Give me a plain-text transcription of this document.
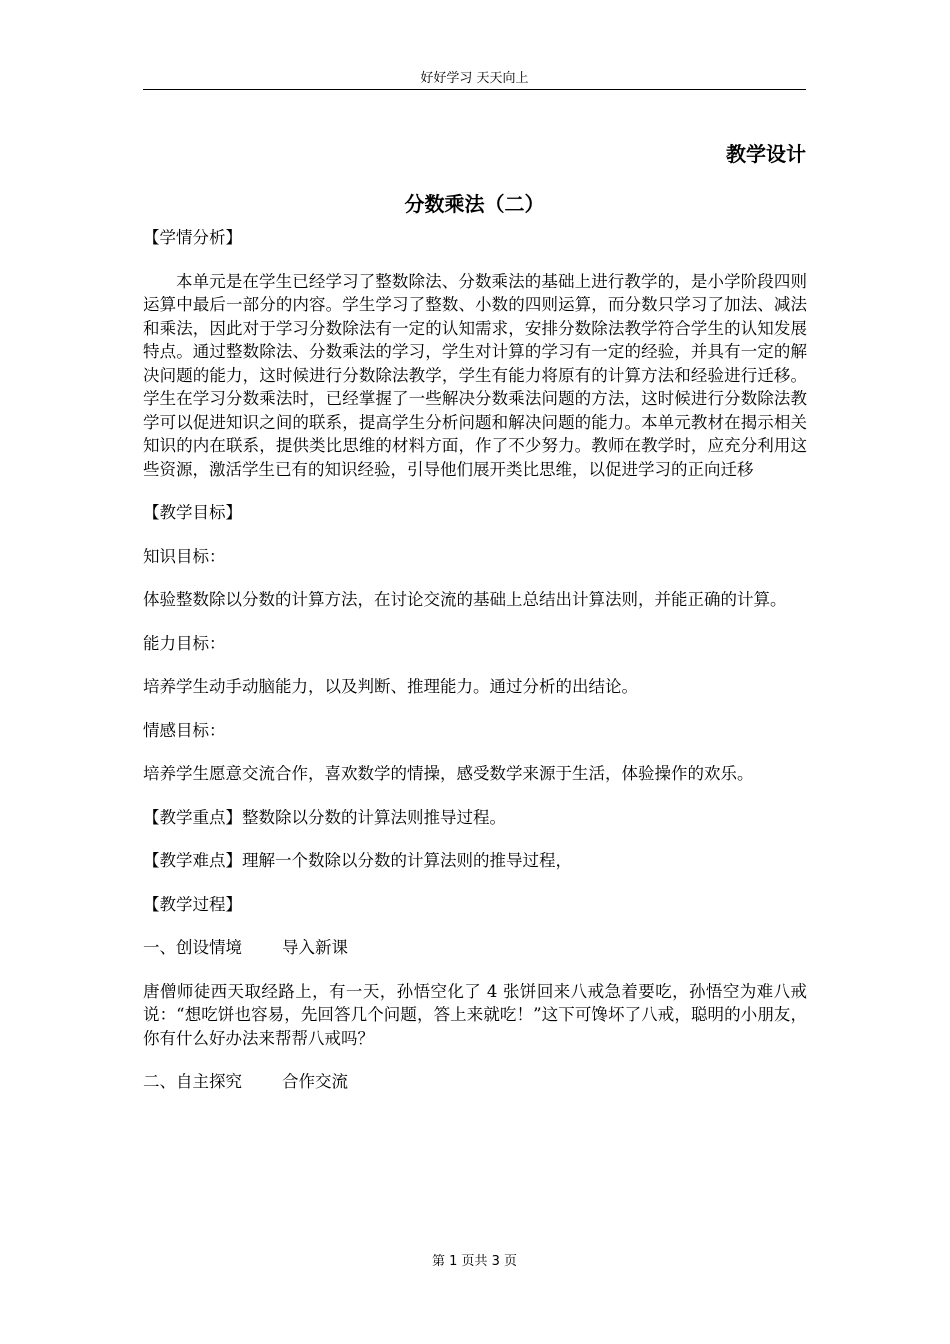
好好学习 天天向上
教学设计
分数乘法（二）

【学情分析】

本单元是在学生已经学习了整数除法、分数乘法的基础上进行教学的，是小学阶段四则运算中最后一部分的内容。学生学习了整数、小数的四则运算，而分数只学习了加法、减法和乘法，因此对于学习分数除法有一定的认知需求，安排分数除法教学符合学生的认知发展特点。通过整数除法、分数乘法的学习，学生对计算的学习有一定的经验，并具有一定的解决问题的能力，这时候进行分数除法教学，学生有能力将原有的计算方法和经验进行迁移。学生在学习分数乘法时，已经掌握了一些解决分数乘法问题的方法，这时候进行分数除法教学可以促进知识之间的联系，提高学生分析问题和解决问题的能力。本单元教材在揭示相关知识的内在联系，提供类比思维的材料方面，作了不少努力。教师在教学时，应充分利用这些资源，激活学生已有的知识经验，引导他们展开类比思维，以促进学习的正向迁移

【教学目标】

知识目标：

体验整数除以分数的计算方法，在讨论交流的基础上总结出计算法则，并能正确的计算。

能力目标：

培养学生动手动脑能力，以及判断、推理能力。通过分析的出结论。

情感目标：

培养学生愿意交流合作，喜欢数学的情操，感受数学来源于生活，体验操作的欢乐。

【教学重点】整数除以分数的计算法则推导过程。

【教学难点】理解一个数除以分数的计算法则的推导过程，

【教学过程】

一、创设情境 导入新课

唐僧师徒西天取经路上，有一天，孙悟空化了 4 张饼回来八戒急着要吃，孙悟空为难八戒说：“想吃饼也容易，先回答几个问题，答上来就吃！”这下可馋坏了八戒，聪明的小朋友，你有什么好办法来帮帮八戒吗？

二、自主探究 合作交流

第 1 页共 3 页
